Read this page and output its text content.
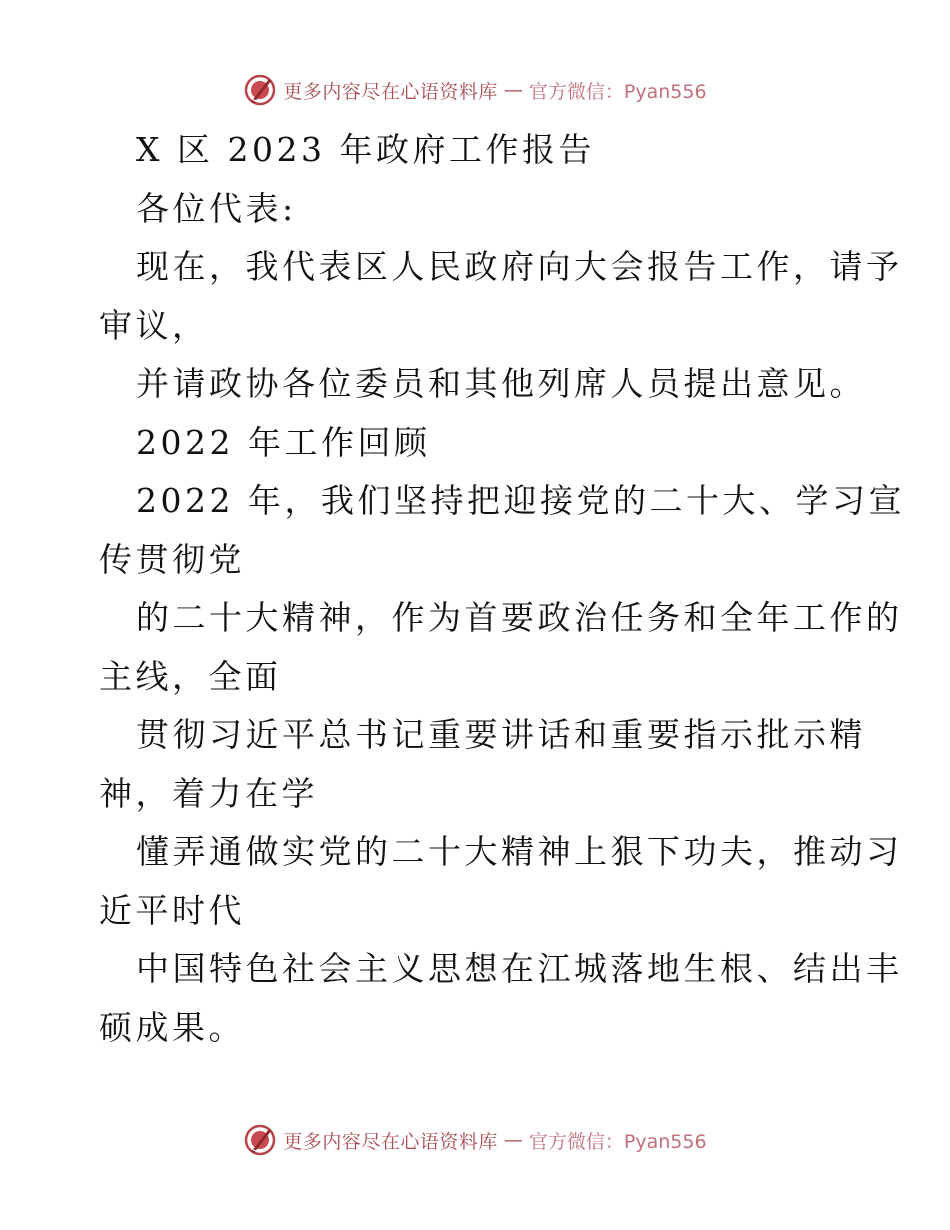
更多内容尽在心语资料库 — 官方微信：Pyan556
X 区 2023 年政府工作报告
各位代表:
现在，我代表区人民政府向大会报告工作，请予
审议，
并请政协各位委员和其他列席人员提出意见。
2022 年工作回顾
2022 年，我们坚持把迎接党的二十大、学习宣
传贯彻党
的二十大精神，作为首要政治任务和全年工作的
主线，全面
贯彻习近平总书记重要讲话和重要指示批示精
神，着力在学
懂弄通做实党的二十大精神上狠下功夫，推动习
近平时代
中国特色社会主义思想在江城落地生根、结出丰
硕成果。
更多内容尽在心语资料库 — 官方微信：Pyan556
